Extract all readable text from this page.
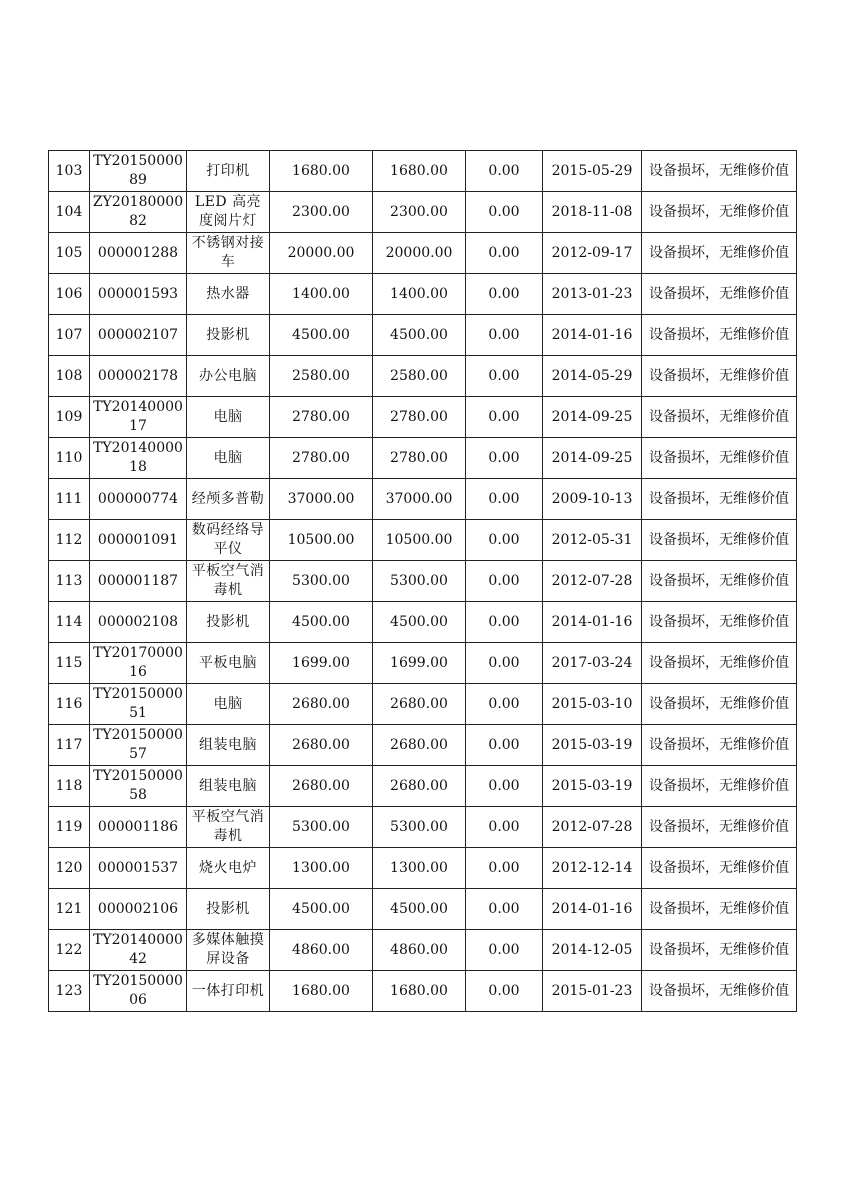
103	TY2015000089	打印机	1680.00	1680.00	0.00	2015-05-29	设备损坏，无维修价值
104	ZY2018000082	LED 高亮度阅片灯	2300.00	2300.00	0.00	2018-11-08	设备损坏，无维修价值
105	000001288	不锈钢对接车	20000.00	20000.00	0.00	2012-09-17	设备损坏，无维修价值
106	000001593	热水器	1400.00	1400.00	0.00	2013-01-23	设备损坏，无维修价值
107	000002107	投影机	4500.00	4500.00	0.00	2014-01-16	设备损坏，无维修价值
108	000002178	办公电脑	2580.00	2580.00	0.00	2014-05-29	设备损坏，无维修价值
109	TY2014000017	电脑	2780.00	2780.00	0.00	2014-09-25	设备损坏，无维修价值
110	TY2014000018	电脑	2780.00	2780.00	0.00	2014-09-25	设备损坏，无维修价值
111	000000774	经颅多普勒	37000.00	37000.00	0.00	2009-10-13	设备损坏，无维修价值
112	000001091	数码经络导平仪	10500.00	10500.00	0.00	2012-05-31	设备损坏，无维修价值
113	000001187	平板空气消毒机	5300.00	5300.00	0.00	2012-07-28	设备损坏，无维修价值
114	000002108	投影机	4500.00	4500.00	0.00	2014-01-16	设备损坏，无维修价值
115	TY2017000016	平板电脑	1699.00	1699.00	0.00	2017-03-24	设备损坏，无维修价值
116	TY2015000051	电脑	2680.00	2680.00	0.00	2015-03-10	设备损坏，无维修价值
117	TY2015000057	组装电脑	2680.00	2680.00	0.00	2015-03-19	设备损坏，无维修价值
118	TY2015000058	组装电脑	2680.00	2680.00	0.00	2015-03-19	设备损坏，无维修价值
119	000001186	平板空气消毒机	5300.00	5300.00	0.00	2012-07-28	设备损坏，无维修价值
120	000001537	烧火电炉	1300.00	1300.00	0.00	2012-12-14	设备损坏，无维修价值
121	000002106	投影机	4500.00	4500.00	0.00	2014-01-16	设备损坏，无维修价值
122	TY2014000042	多媒体触摸屏设备	4860.00	4860.00	0.00	2014-12-05	设备损坏，无维修价值
123	TY2015000006	一体打印机	1680.00	1680.00	0.00	2015-01-23	设备损坏，无维修价值
